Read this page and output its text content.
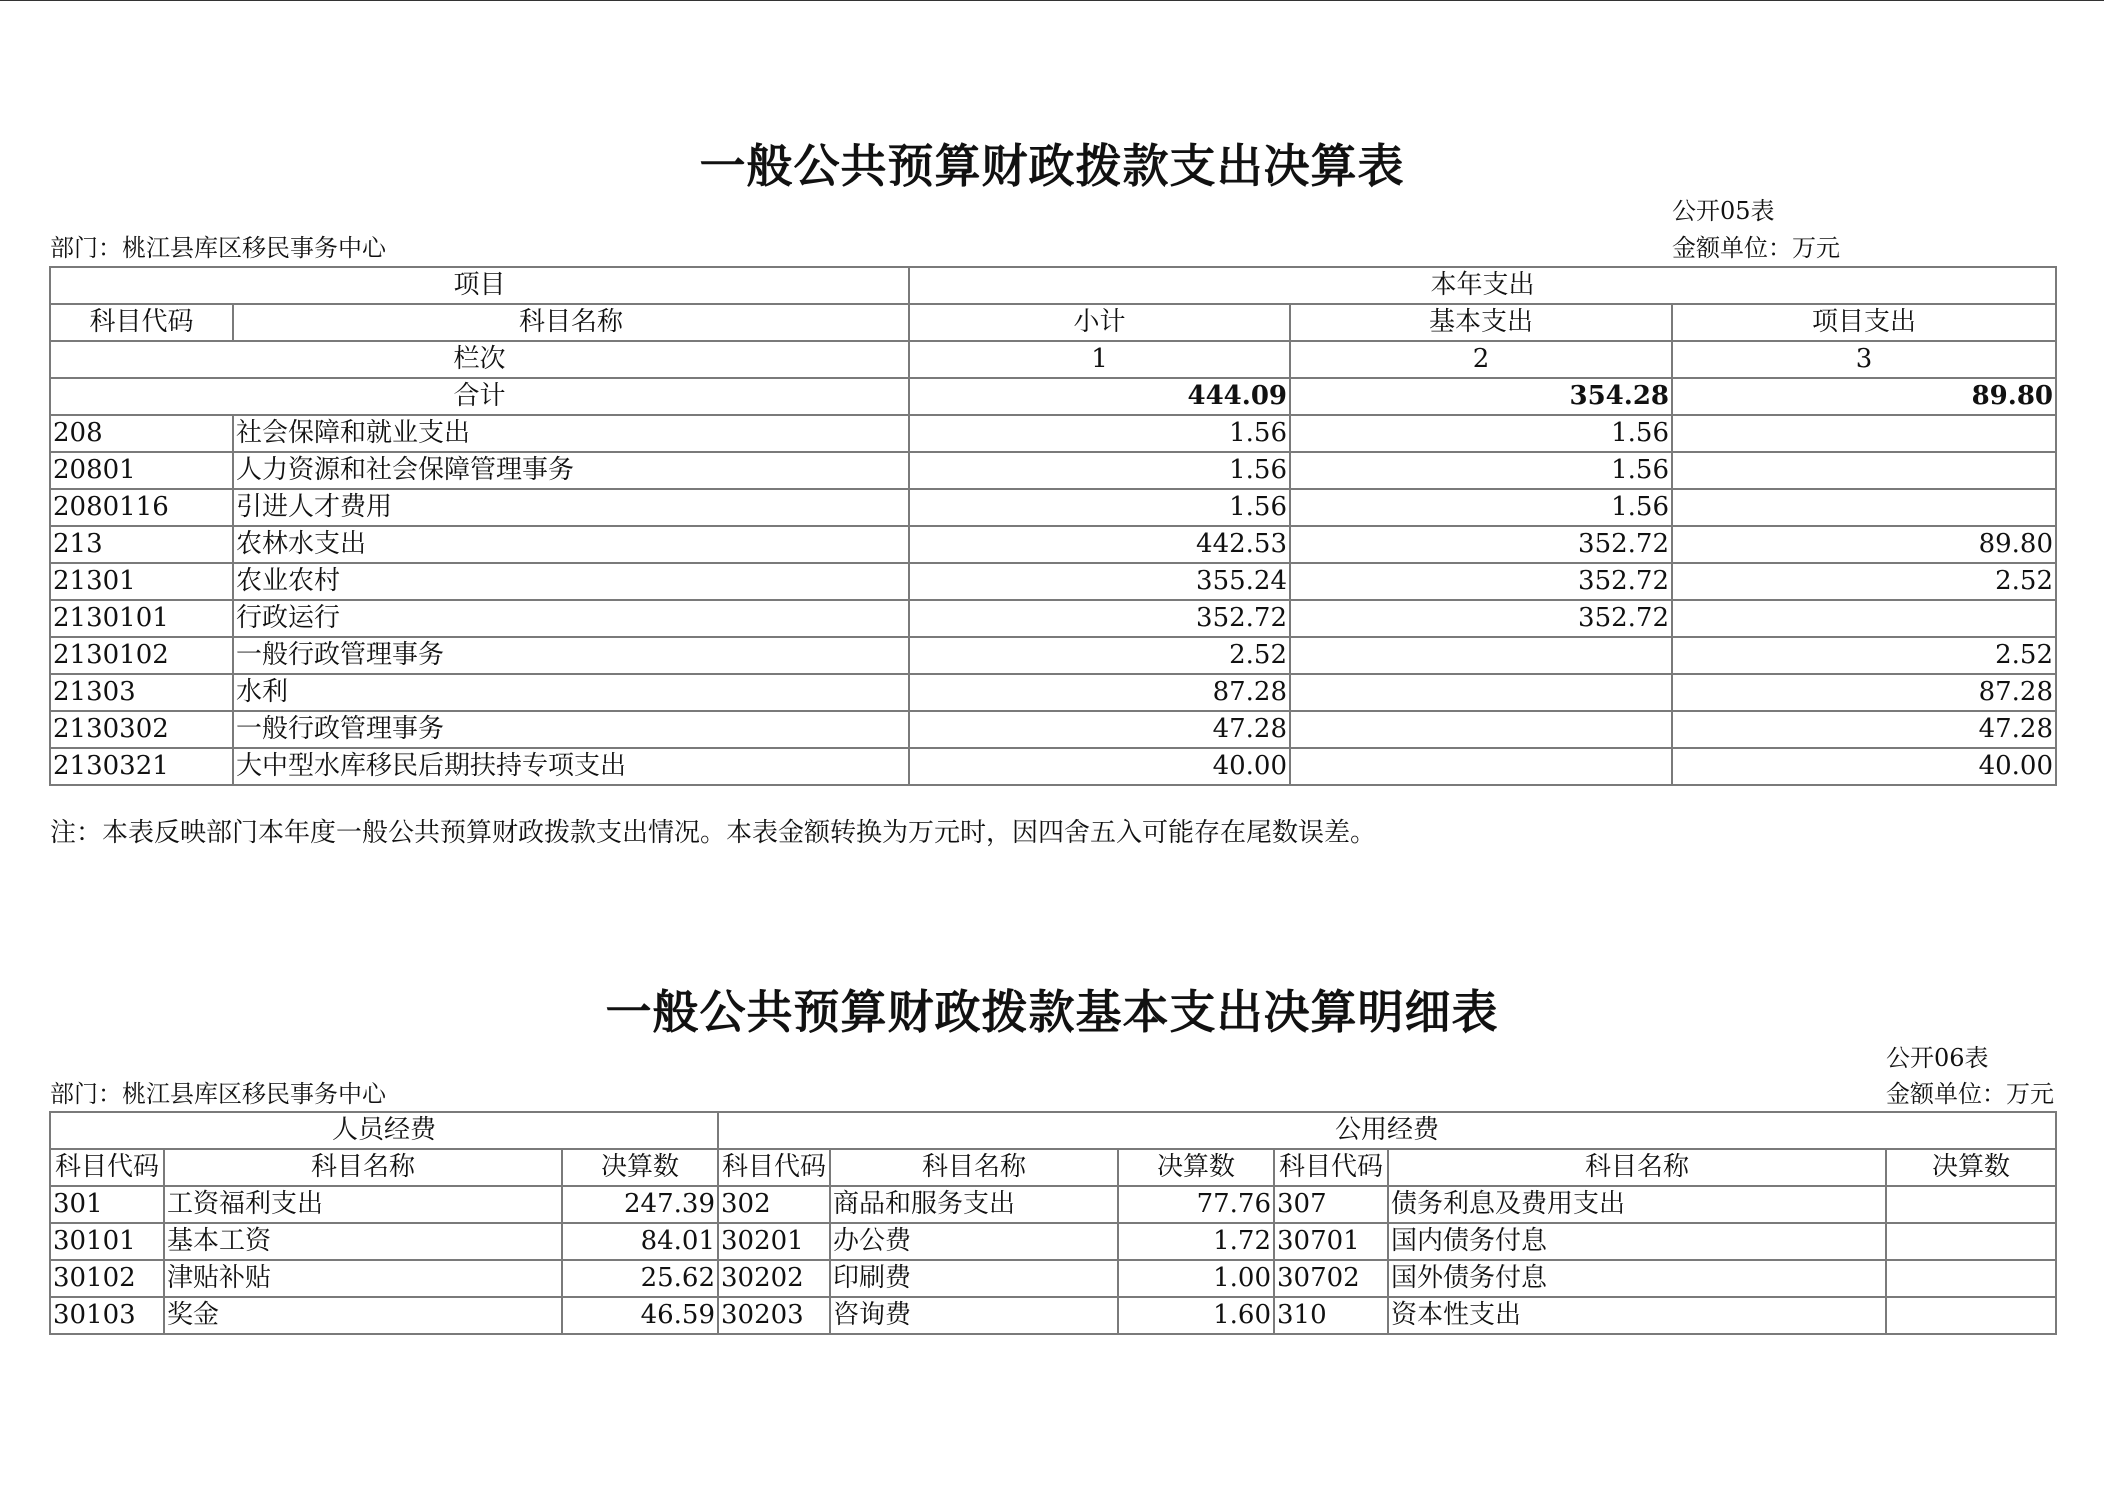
一般公共预算财政拨款支出决算表
公开05表
部门：桃江县库区移民事务中心	金额单位：万元
项目		本年支出		
科目代码	科目名称	小计	基本支出	项目支出
栏次		1	2	3
合计		444.09	354.28	89.80
208	社会保障和就业支出	1.56	1.56	
20801	人力资源和社会保障管理事务	1.56	1.56	
2080116	引进人才费用	1.56	1.56	
213	农林水支出	442.53	352.72	89.80
21301	农业农村	355.24	352.72	2.52
2130101	行政运行	352.72	352.72	
2130102	一般行政管理事务	2.52		2.52
21303	水利	87.28		87.28
2130302	一般行政管理事务	47.28		47.28
2130321	大中型水库移民后期扶持专项支出	40.00		40.00
注：本表反映部门本年度一般公共预算财政拨款支出情况。本表金额转换为万元时，因四舍五入可能存在尾数误差。
一般公共预算财政拨款基本支出决算明细表
公开06表
部门：桃江县库区移民事务中心	金额单位：万元
人员经费			公用经费					
科目代码	科目名称	决算数	科目代码	科目名称	决算数	科目代码	科目名称	决算数
301	工资福利支出	247.39	302	商品和服务支出	77.76	307	债务利息及费用支出	
30101	基本工资	84.01	30201	办公费	1.72	30701	国内债务付息	
30102	津贴补贴	25.62	30202	印刷费	1.00	30702	国外债务付息	
30103	奖金	46.59	30203	咨询费	1.60	310	资本性支出	
